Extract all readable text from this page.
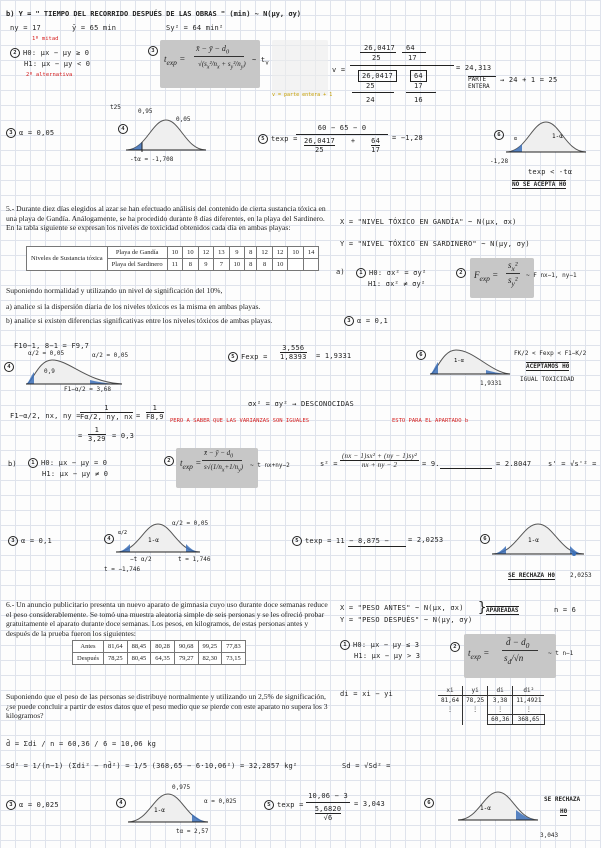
b) Y = " TIEMPO DEL RECORRIDO DESPUÉS DE LAS OBRAS " (min) ~ N(μy, σy)
ny = 17	ȳ = 65 min	Sy² = 64 min²
1º mitad
2 H0: μx − μy ≥ 0
H1: μx − μy < 0
2º alternativa
3
$t_{exp}$ =
x̄ − ȳ − $d_0$
$√(s_x^2/n_x + s_y^2/n_y)$ ~ $t_v$
v = parte entera + 1
v =
26,0417 64
25	17
26,0417	64
25	17
24	16
= 24,313
PARTE ENTERA
→ 24 + 1 = 25
3 α = 0,05	4
t25
0,95
0,05
-tα = -1,708
5 texp =
60 − 65 − 0
26,0417
25
+ $\frac{64}{17} = -1,28$	6	1-α
α
-1,28
texp < -tα
NO SE ACEPTA H0
5.- Durante diez días elegidos al azar se han efectuado análisis del contenido de cierta sustancia tóxica en una playa de Gandía. Análogamente, se ha procedido durante 8 días diferentes, en la playa del Sardinero. En la tabla siguiente se expresan los niveles de toxicidad obtenidos cada día en ambas playas:
Niveles de Sustancia tóxica	Playa de Gandía	10	10	12	13	9	8	12	12	10	14
	Playa del Sardinero	11	8	9	7	10	8	8	10		
Suponiendo normalidad y utilizando un nivel de significación del 10%,
a) analice si la dispersión diaria de los niveles tóxicos es la misma en ambas playas.
b) analice si existen diferencias significativas entre los niveles tóxicos de ambas playas.
X = "NIVEL TÓXICO EN GANDÍA" ~ N(μx, σx)
Y = "NIVEL TÓXICO EN SARDINERO" ~ N(μy, σy)
a)	1 H0: σx² = σy²
H1: σx² ≠ σy²
2	$F_{exp}$ =
$s_x^2$
$s_y^2$ ~ F nx−1, ny−1
3 α = 0,1
F10−1, 8−1 = F9,7
4
α/2 = 0,05	α/2 = 0,05
0,9
F1−α/2 = 3,68
F1−α/2, nx, ny = $\frac{1}{F\alpha/2, ny, nx} = \frac{1}{F8,9}$
= $\frac{1}{3,29} = 0,3$
5 $Fexp = \frac{3,556}{1,8393} = 1,9331$	6
1-α
1,9331
FK/2 < Fexp < F1−K/2
ACEPTAMOS H0
IGUAL TOXICIDAD
σx² = σy² → DESCONOCIDAS
PERO A SABER QUE LAS VARIANZAS SON IGUALES	ESTO PARA EL APARTADO b
b)	1 H0: μx − μy = 0
H1: μx − μy ≠ 0
2	$t_{exp}$ =
x̄ − ȳ − $d_0$
$s√(1/n_x+1/n_y)$ ~ t nx+ny−2	$s^2 = \frac{\text{(nx − 1)sx² + (ny − 1)sy²}}{nx + ny - 2} = 9$.	= 2.8047 s' = √s'² =
3 α = 0,1	4
α/2 = 0,05
1-α
α/2
−t α/2	t = 1,746
t = −1,746
5 texp = 11 − 8,875 −	= 2,0253	6	1-α
SE RECHAZA H0	2,0253
6.- Un anuncio publicitario presenta un nuevo aparato de gimnasia cuyo uso durante doce semanas reduce el peso considerablemente. Se tomó una muestra aleatoria simple de seis personas y se les ofreció probar gratuitamente el aparato durante doce semanas. Los pesos, en kilogramos, de estas personas antes y después de la prueba fueron los siguientes:
Antes	81,64	88,45	80,28	90,68	99,25	77,83
Después	78,25	80,45	64,35	79,27	82,30	73,15
Suponiendo que el peso de las personas se distribuye normalmente y utilizando un 2,5% de significación, ¿se puede concluir a partir de estos datos que el peso medio que se pierde con este aparato no supera los 3 kilogramos?
X = "PESO ANTES" ~ N(μx, σx)
Y = "PESO DESPUÉS" ~ N(μy, σy)
} APAREADAS	n = 6
1 H0: μx − μy ≤ 3
H1: μx − μy > 3
2
$t_{exp}$ =
d̄ − $d_0$
$s_d/√n$	~ t n−1
di = xi − yi	xi	yi	di	di²
81,64	78,25	3,38	11,4921
⋮	⋮	⋮	⋮
		60,36	368,65
d̄ = Σdi / n = 60,36 / 6 = 10,06 kg
Sd² = 1/(n−1) (Σdi² − nd̄²) = 1/5 (368,65 − 6·10,06²) = 32,2857 kg²	Sd = √Sd² =
3 α = 0,025	4
0,975
α = 0,025
1-α
tα = 2,57
5 texp =
10,06 − 3
5,6820
√6
= 3,043	6
1-α
SE RECHAZA
H0
3,043
